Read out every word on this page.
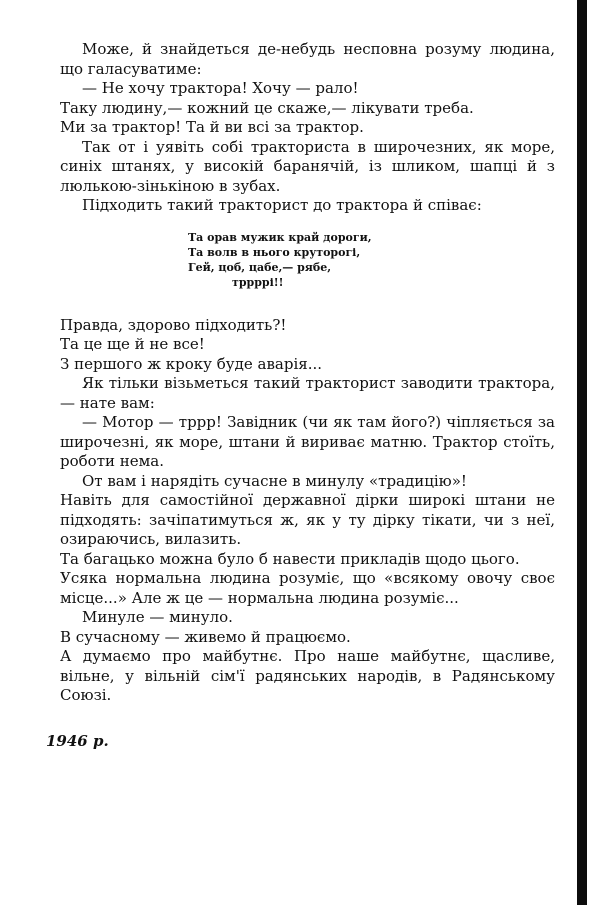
Може, й знайдеться де-небудь несповна розуму людина, що галасуватиме:

— Не хочу трактора! Хочу — рало!

Таку людину,— кожний це скаже,— лікувати треба.

Ми за трактор! Та й ви всі за трактор.

Так от і уявіть собі тракториста в широчезних, як море, синіх штанях, у високій баранячій, із шликом, шапці й з люлькою-зінькіною в зубах.

Підходить такий тракторист до трактора й співає:

Та орав мужик край дороги,
Та волв в нього круторогі,
Гей, цоб, цабе,— рябе,
тррррі!!

Правда, здорово підходить?!

Та це ще й не все!

З першого ж кроку буде аварія...

Як тільки візьметься такий тракторист заводити трактора,— нате вам:

— Мотор — тррр! Завідник (чи як там його?) чіпляється за широчезні, як море, штани й вириває матню. Трактор стоїть, роботи нема.

От вам і нарядіть сучасне в минулу «традицію»!

Навіть для самостійної державної дірки широкі штани не підходять: зачіпатимуться ж, як у ту дірку тікати, чи з неї, озираючись, вилазить.

Та багацько можна було б навести прикладів щодо цього.

Усяка нормальна людина розуміє, що «всякому овочу своє місце...» Але ж це — нормальна людина розуміє...

Минуле — минуло.

В сучасному — живемо й працюємо.

А думаємо про майбутнє. Про наше майбутнє, щасливе, вільне, у вільній сім'ї радянських народів, в Радянському Союзі.

1946 р.
